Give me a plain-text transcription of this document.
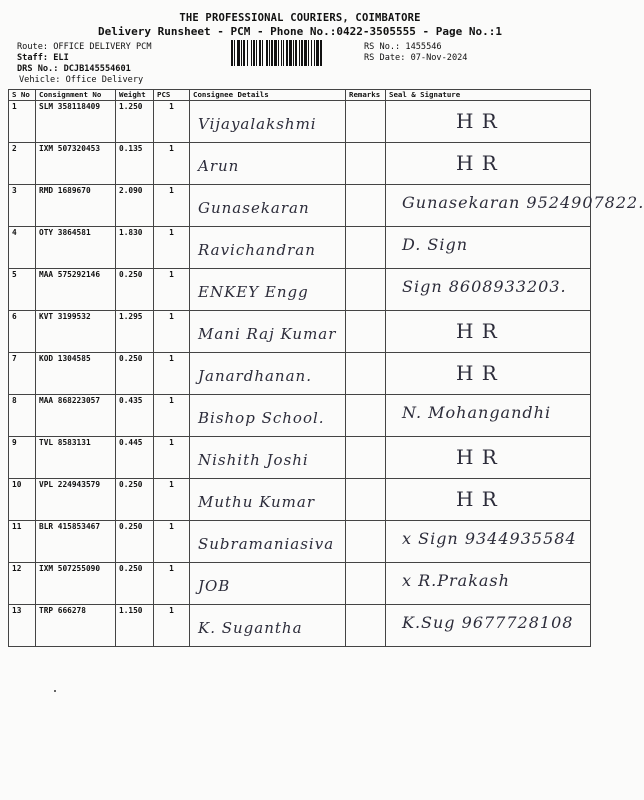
THE PROFESSIONAL COURIERS, COIMBATORE
Delivery Runsheet - PCM - Phone No.:0422-3505555 - Page No.:1
Route: OFFICE DELIVERY PCM
Staff: ELI
DRS No.: DCJB145554601
Vehicle: Office Delivery
RS No.: 1455546
RS Date: 07-Nov-2024
S No	Consignment No	Weight	PCS	Consignee Details	Remarks	Seal & Signature
1	SLM 358118409	1.250	1	Vijayalakshmi		H R

2	IXM 507320453	0.135	1	Arun		H R

3	RMD 1689670	2.090	1	Gunasekaran		Gunasekaran 9524907822.

4	OTY 3864581	1.830	1	Ravichandran		D. Sign

5	MAA 575292146	0.250	1	ENKEY Engg		Sign 8608933203.

6	KVT 3199532	1.295	1	Mani Raj Kumar		H R

7	KOD 1304585	0.250	1	Janardhanan.		H R

8	MAA 868223057	0.435	1	Bishop School.		N. Mohangandhi

9	TVL 8583131	0.445	1	Nishith Joshi		H R

10	VPL 224943579	0.250	1	Muthu Kumar		H R

11	BLR 415853467	0.250	1	Subramaniasiva		x Sign 9344935584

12	IXM 507255090	0.250	1	JOB		x R.Prakash

13	TRP 666278	1.150	1	K. Sugantha		K.Sug 9677728108
